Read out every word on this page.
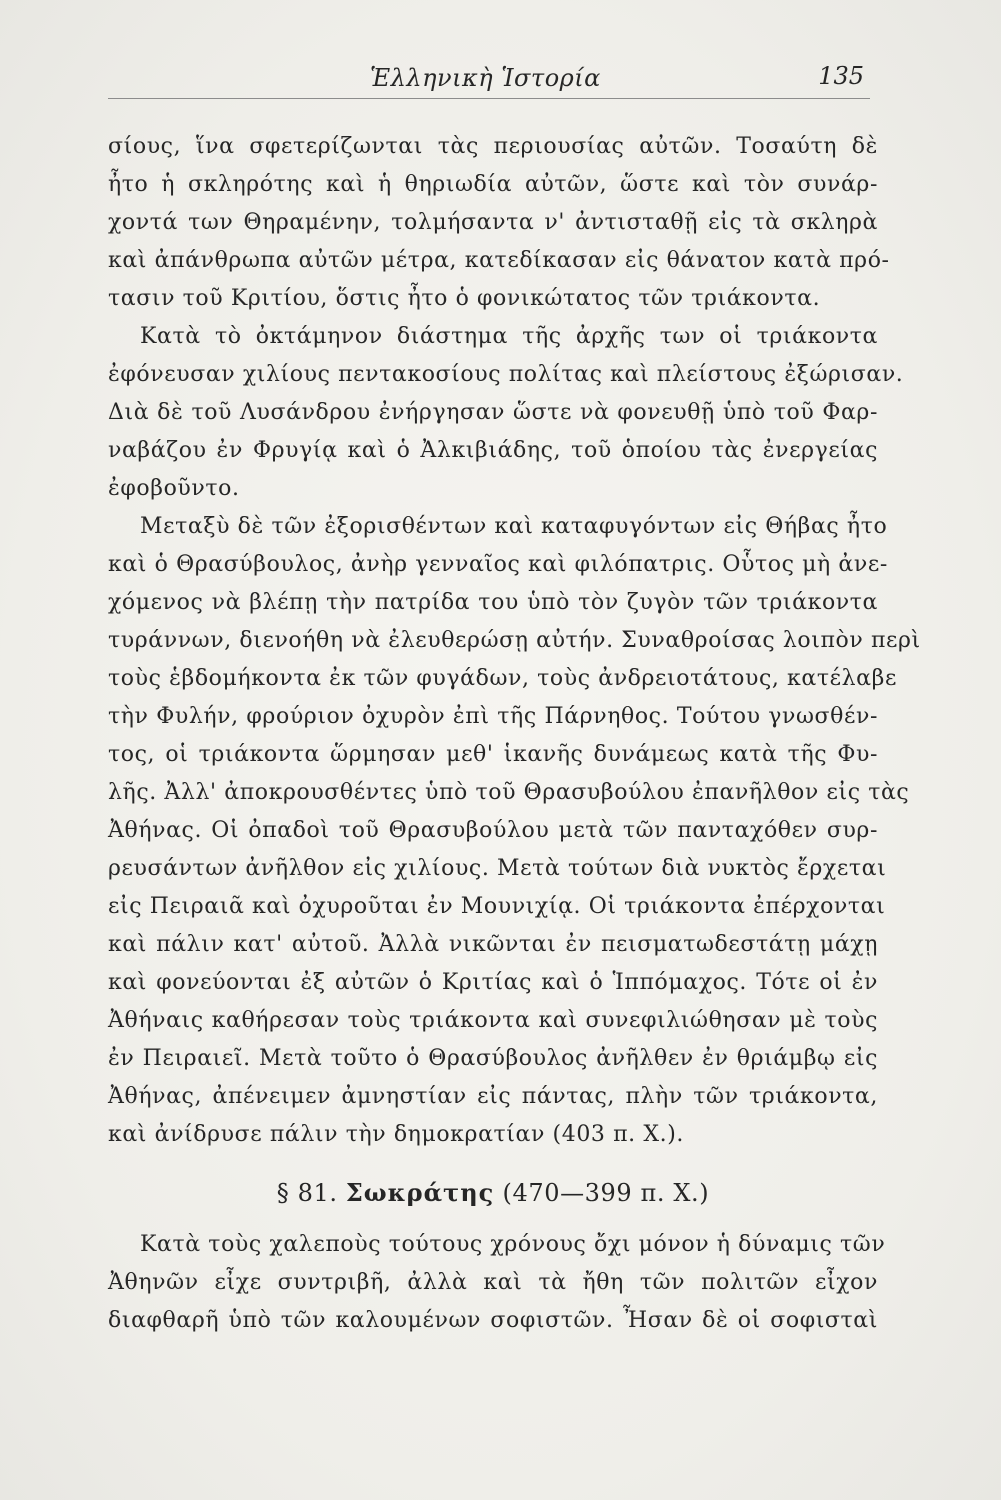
Ἑλληνικὴ Ἱστορία	135
σίους, ἵνα σφετερίζωνται τὰς περιουσίας αὐτῶν. Τοσαύτη δὲ
ἦτο ἡ σκληρότης καὶ ἡ θηριωδία αὐτῶν, ὥστε καὶ τὸν συνάρ-
χοντά των Θηραμένην, τολμήσαντα ν' ἀντισταθῇ εἰς τὰ σκληρὰ
καὶ ἀπάνθρωπα αὐτῶν μέτρα, κατεδίκασαν εἰς θάνατον κατὰ πρό-
τασιν τοῦ Κριτίου, ὅστις ἦτο ὁ φονικώτατος τῶν τριάκοντα.
Κατὰ τὸ ὀκτάμηνον διάστημα τῆς ἀρχῆς των οἱ τριάκοντα
ἐφόνευσαν χιλίους πεντακοσίους πολίτας καὶ πλείστους ἐξώρισαν.
Διὰ δὲ τοῦ Λυσάνδρου ἐνήργησαν ὥστε νὰ φονευθῇ ὑπὸ τοῦ Φαρ-
ναβάζου ἐν Φρυγίᾳ καὶ ὁ Ἀλκιβιάδης, τοῦ ὁποίου τὰς ἐνεργείας
ἐφοβοῦντο.
Μεταξὺ δὲ τῶν ἐξορισθέντων καὶ καταφυγόντων εἰς Θήβας ἦτο
καὶ ὁ Θρασύβουλος, ἀνὴρ γενναῖος καὶ φιλόπατρις. Οὗτος μὴ ἀνε-
χόμενος νὰ βλέπῃ τὴν πατρίδα του ὑπὸ τὸν ζυγὸν τῶν τριάκοντα
τυράννων, διενοήθη νὰ ἐλευθερώσῃ αὐτήν. Συναθροίσας λοιπὸν περὶ
τοὺς ἑβδομήκοντα ἐκ τῶν φυγάδων, τοὺς ἀνδρειοτάτους, κατέλαβε
τὴν Φυλήν, φρούριον ὀχυρὸν ἐπὶ τῆς Πάρνηθος. Τούτου γνωσθέν-
τος, οἱ τριάκοντα ὥρμησαν μεθ' ἱκανῆς δυνάμεως κατὰ τῆς Φυ-
λῆς. Ἀλλ' ἀποκρουσθέντες ὑπὸ τοῦ Θρασυβούλου ἐπανῆλθον εἰς τὰς
Ἀθήνας. Οἱ ὀπαδοὶ τοῦ Θρασυβούλου μετὰ τῶν πανταχόθεν συρ-
ρευσάντων ἀνῆλθον εἰς χιλίους. Μετὰ τούτων διὰ νυκτὸς ἔρχεται
εἰς Πειραιᾶ καὶ ὀχυροῦται ἐν Μουνιχίᾳ. Οἱ τριάκοντα ἐπέρχονται
καὶ πάλιν κατ' αὐτοῦ. Ἀλλὰ νικῶνται ἐν πεισματωδεστάτῃ μάχῃ
καὶ φονεύονται ἐξ αὐτῶν ὁ Κριτίας καὶ ὁ Ἱππόμαχος. Τότε οἱ ἐν
Ἀθήναις καθήρεσαν τοὺς τριάκοντα καὶ συνεφιλιώθησαν μὲ τοὺς
ἐν Πειραιεῖ. Μετὰ τοῦτο ὁ Θρασύβουλος ἀνῆλθεν ἐν θριάμβῳ εἰς
Ἀθήνας, ἀπένειμεν ἀμνηστίαν εἰς πάντας, πλὴν τῶν τριάκοντα,
καὶ ἀνίδρυσε πάλιν τὴν δημοκρατίαν (403 π. Χ.).
§ 81. Σωκράτης (470—399 π. Χ.)
Κατὰ τοὺς χαλεποὺς τούτους χρόνους ὄχι μόνον ἡ δύναμις τῶν
Ἀθηνῶν εἶχε συντριβῆ, ἀλλὰ καὶ τὰ ἤθη τῶν πολιτῶν εἶχον
διαφθαρῆ ὑπὸ τῶν καλουμένων σοφιστῶν. Ἦσαν δὲ οἱ σοφισταὶ
